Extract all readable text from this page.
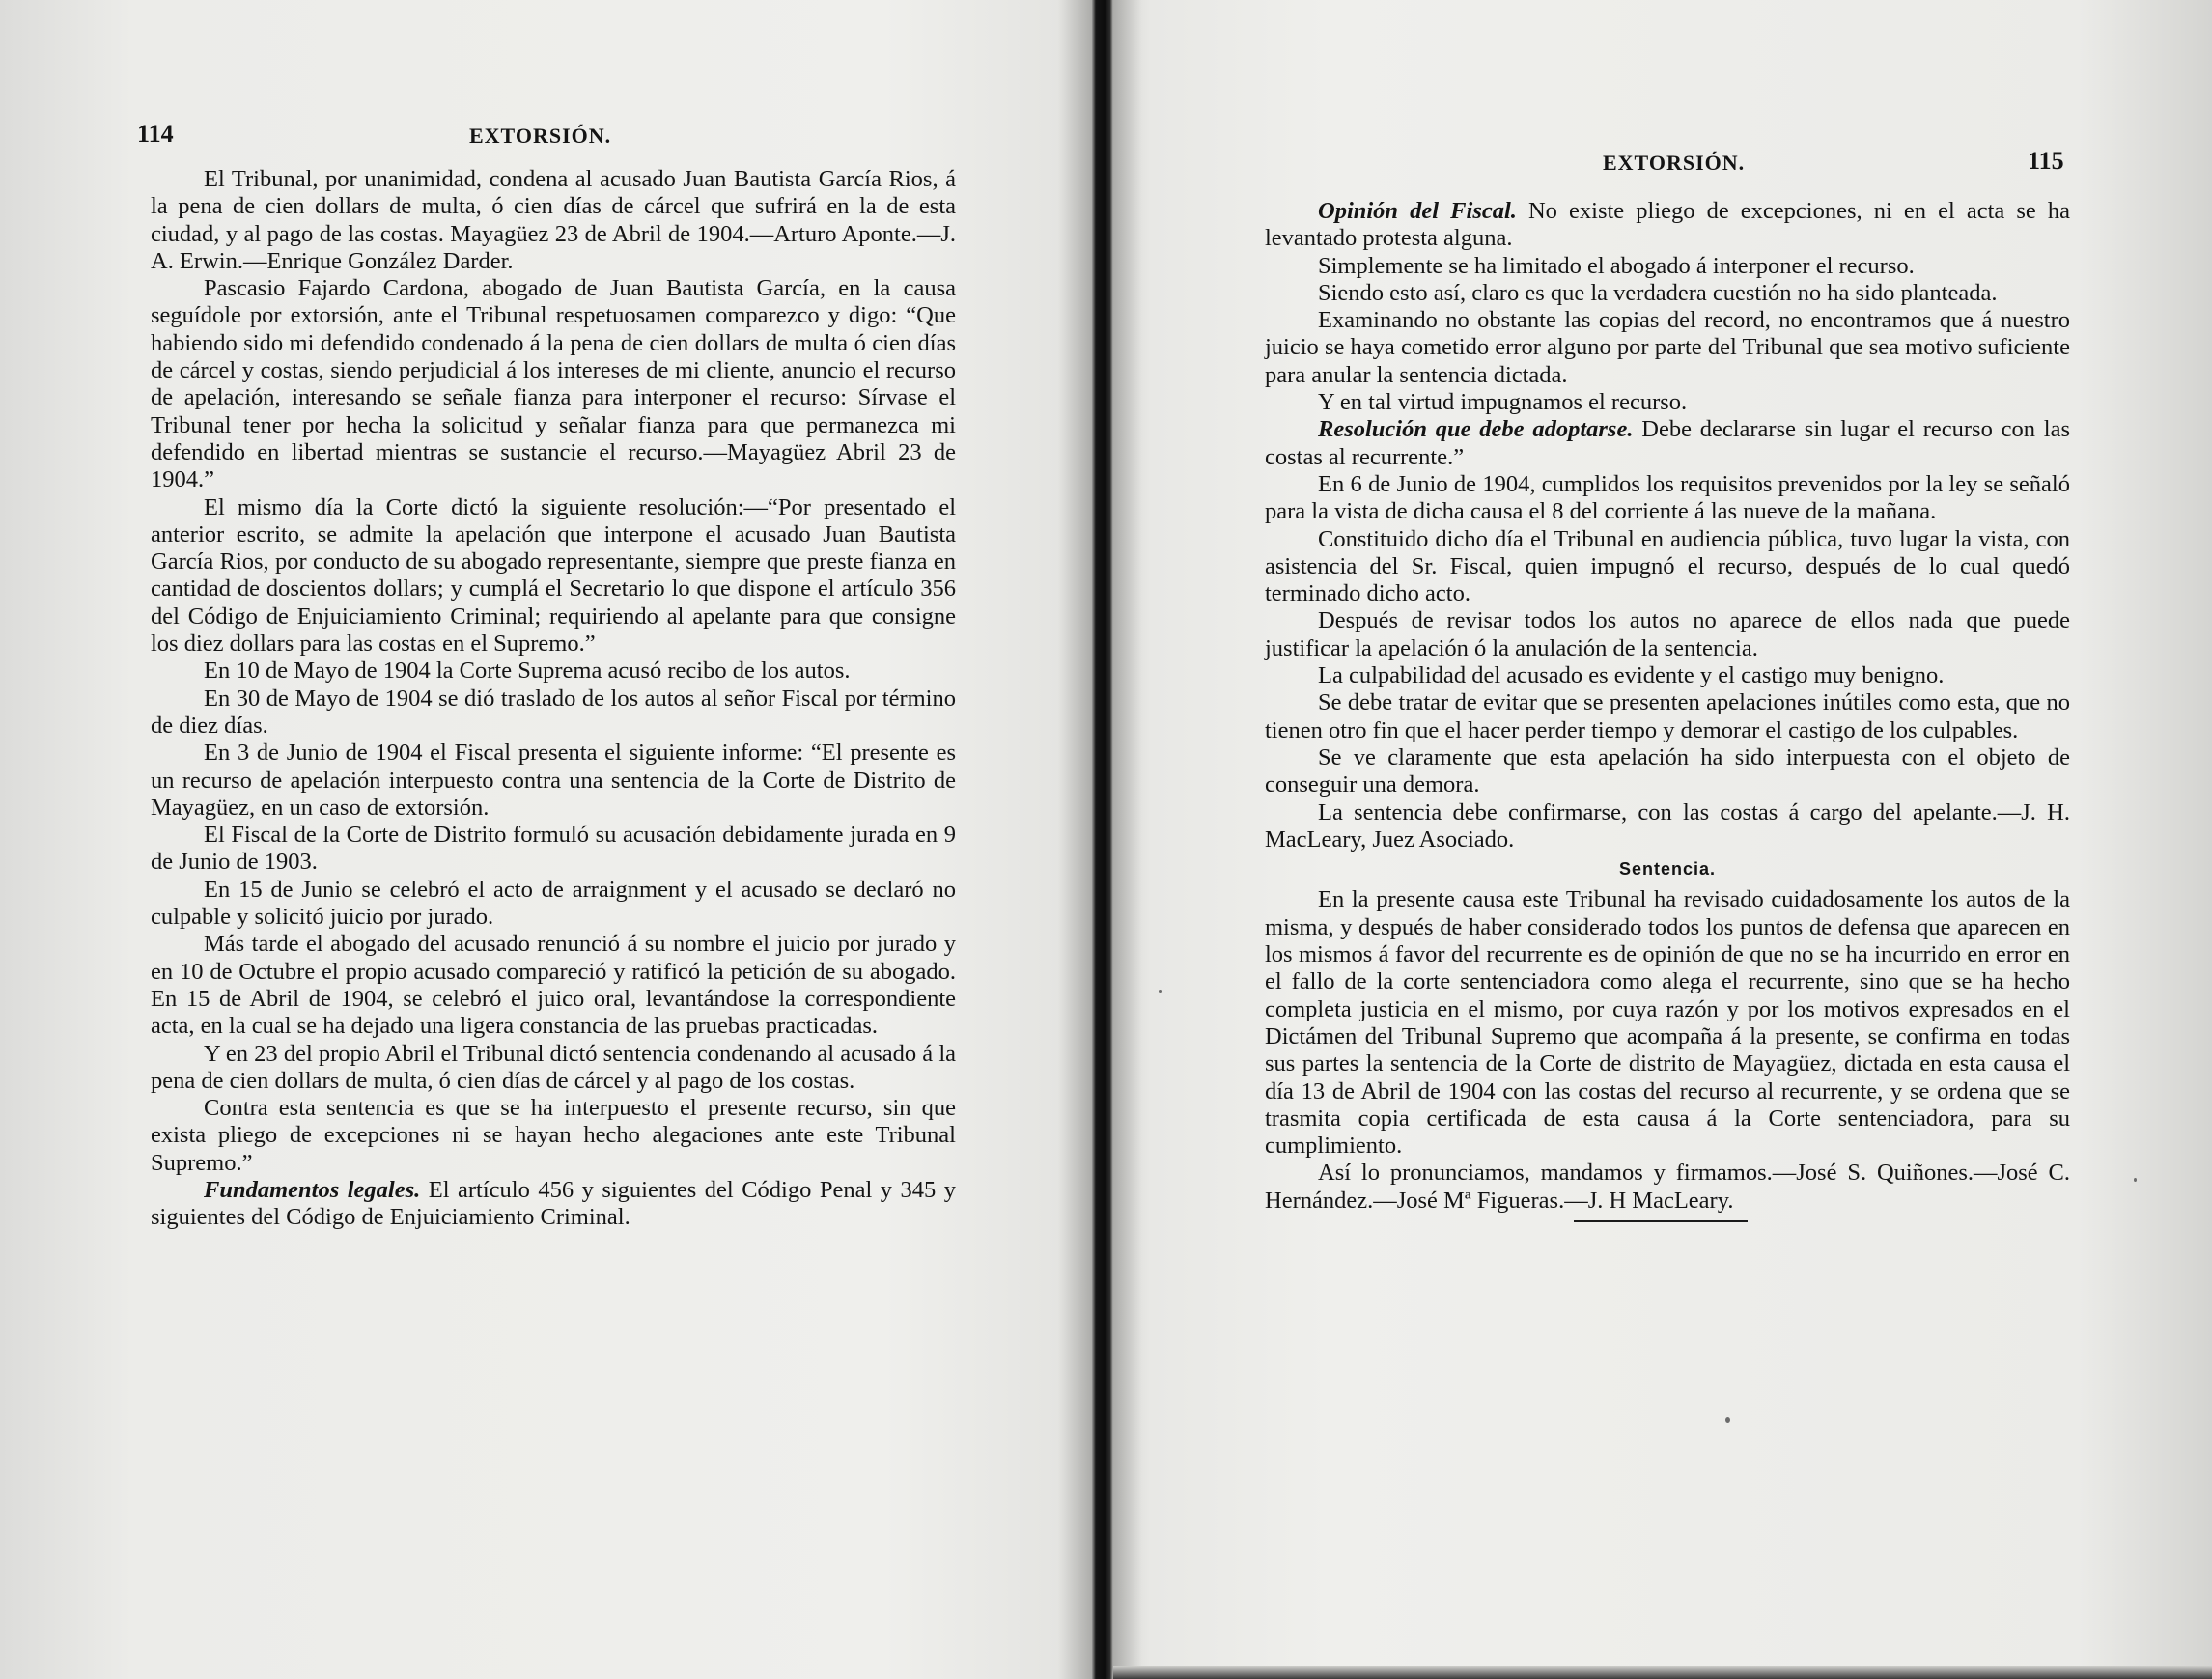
114	EXTORSIÓN.

El Tribunal, por unanimidad, condena al acusado Juan Bautista García Rios, á la pena de cien dollars de multa, ó cien días de cárcel que sufrirá en la de esta ciudad, y al pago de las costas. Mayagüez 23 de Abril de 1904.—Arturo Aponte.—J. A. Erwin.—Enrique González Darder.

Pascasio Fajardo Cardona, abogado de Juan Bautista García, en la causa seguídole por extorsión, ante el Tribunal respetuosamen comparezco y digo: “Que habiendo sido mi defendido condenado á la pena de cien dollars de multa ó cien días de cárcel y costas, siendo perjudicial á los intereses de mi cliente, anuncio el recurso de apelación, interesando se señale fianza para interponer el recurso: Sírvase el Tribunal tener por hecha la solicitud y señalar fianza para que permanezca mi defendido en libertad mientras se sustancie el recurso.—Mayagüez Abril 23 de 1904.”

El mismo día la Corte dictó la siguiente resolución:—“Por presentado el anterior escrito, se admite la apelación que interpone el acusado Juan Bautista García Rios, por conducto de su abogado representante, siempre que preste fianza en cantidad de doscientos dollars; y cumplá el Secretario lo que dispone el artículo 356 del Código de Enjuiciamiento Criminal; requiriendo al apelante para que consigne los diez dollars para las costas en el Supremo.”

En 10 de Mayo de 1904 la Corte Suprema acusó recibo de los autos.

En 30 de Mayo de 1904 se dió traslado de los autos al señor Fiscal por término de diez días.

En 3 de Junio de 1904 el Fiscal presenta el siguiente informe: “El presente es un recurso de apelación interpuesto contra una sentencia de la Corte de Distrito de Mayagüez, en un caso de extorsión.

El Fiscal de la Corte de Distrito formuló su acusación debidamente jurada en 9 de Junio de 1903.

En 15 de Junio se celebró el acto de arraignment y el acusado se declaró no culpable y solicitó juicio por jurado.

Más tarde el abogado del acusado renunció á su nombre el juicio por jurado y en 10 de Octubre el propio acusado compareció y ratificó la petición de su abogado. En 15 de Abril de 1904, se celebró el juico oral, levantándose la correspondiente acta, en la cual se ha dejado una ligera constancia de las pruebas practicadas.

Y en 23 del propio Abril el Tribunal dictó sentencia condenando al acusado á la pena de cien dollars de multa, ó cien días de cárcel y al pago de los costas.

Contra esta sentencia es que se ha interpuesto el presente recurso, sin que exista pliego de excepciones ni se hayan hecho alegaciones ante este Tribunal Supremo.”

Fundamentos legales. El artículo 456 y siguientes del Código Penal y 345 y siguientes del Código de Enjuiciamiento Criminal.

EXTORSIÓN.	115

Opinión del Fiscal. No existe pliego de excepciones, ni en el acta se ha levantado protesta alguna.

Simplemente se ha limitado el abogado á interponer el recurso.

Siendo esto así, claro es que la verdadera cuestión no ha sido planteada.

Examinando no obstante las copias del record, no encontramos que á nuestro juicio se haya cometido error alguno por parte del Tribunal que sea motivo suficiente para anular la sentencia dictada.

Y en tal virtud impugnamos el recurso.

Resolución que debe adoptarse. Debe declararse sin lugar el recurso con las costas al recurrente.”

En 6 de Junio de 1904, cumplidos los requisitos prevenidos por la ley se señaló para la vista de dicha causa el 8 del corriente á las nueve de la mañana.

Constituido dicho día el Tribunal en audiencia pública, tuvo lugar la vista, con asistencia del Sr. Fiscal, quien impugnó el recurso, después de lo cual quedó terminado dicho acto.

Después de revisar todos los autos no aparece de ellos nada que puede justificar la apelación ó la anulación de la sentencia.

La culpabilidad del acusado es evidente y el castigo muy benigno.

Se debe tratar de evitar que se presenten apelaciones inútiles como esta, que no tienen otro fin que el hacer perder tiempo y demorar el castigo de los culpables.

Se ve claramente que esta apelación ha sido interpuesta con el objeto de conseguir una demora.

La sentencia debe confirmarse, con las costas á cargo del apelante.—J. H. MacLeary, Juez Asociado.

Sentencia.

En la presente causa este Tribunal ha revisado cuidadosamente los autos de la misma, y después de haber considerado todos los puntos de defensa que aparecen en los mismos á favor del recurrente es de opinión de que no se ha incurrido en error en el fallo de la corte sentenciadora como alega el recurrente, sino que se ha hecho completa justicia en el mismo, por cuya razón y por los motivos expresados en el Dictámen del Tribunal Supremo que acompaña á la presente, se confirma en todas sus partes la sentencia de la Corte de distrito de Mayagüez, dictada en esta causa el día 13 de Abril de 1904 con las costas del recurso al recurrente, y se ordena que se trasmita copia certificada de esta causa á la Corte sentenciadora, para su cumplimiento.

Así lo pronunciamos, mandamos y firmamos.—José S. Quiñones.—José C. Hernández.—José Mª Figueras.—J. H MacLeary.
